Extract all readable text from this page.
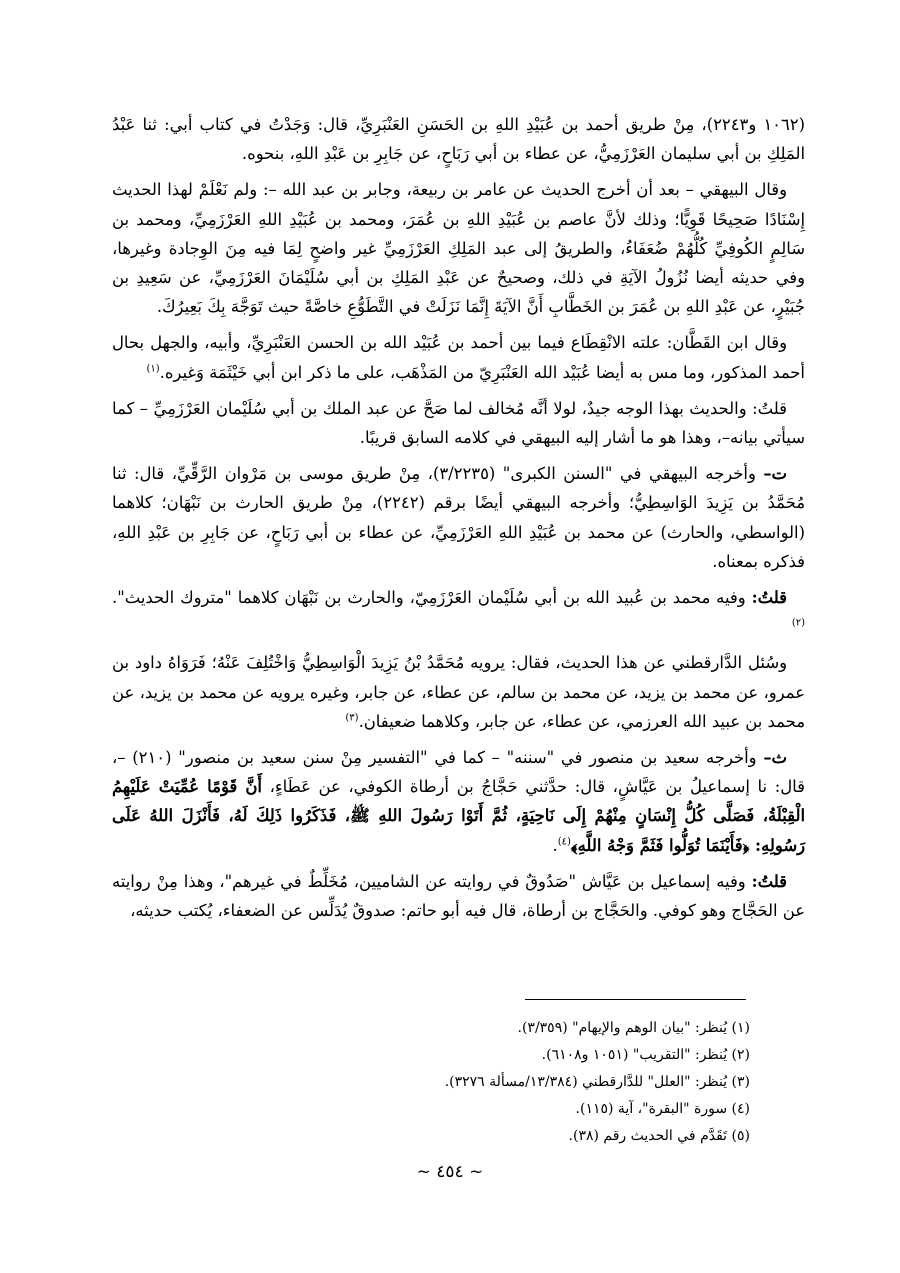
(١٠٦٢ و٢٢٤٣)، مِنْ طريق أحمد بن عُبَيْدِ اللهِ بن الحَسَنِ العَنْبَرِيِّ، قال: وَجَدْتُ في كتاب أبي: ثنا عَبْدُ المَلِكِ بن أبي سليمان العَرْزَمِيُّ، عن عطاء بن أبي رَبَاحٍ، عن جَابِرِ بن عَبْدِ اللهِ، بنحوه.

وقال البيهقي – بعد أن أخرج الحديث عن عامر بن ربيعة، وجابر بن عبد الله –: ولم نَعْلَمْ لهذا الحديث إِسْنَادًا صَحِيحًا قَوِيًّا؛ وذلك لأنَّ عاصم بن عُبَيْدِ اللهِ بن عُمَرَ، ومحمد بن عُبَيْدِ اللهِ العَرْزَمِيِّ، ومحمد بن سَالِمٍ الكُوفِيِّ كُلُّهُمْ ضُعَفَاءُ، والطريقُ إلى عبد المَلِكِ العَرْزَمِيِّ غير واضحٍ لِمَا فيه مِنَ الوِجادة وغيرها، وفي حديثه أيضا نُزُولُ الآيَةِ في ذلك، وصحيحٌ عن عَبْدِ المَلِكِ بن أبي سُلَيْمَانَ العَرْزَمِيِّ، عن سَعِيدِ بن جُبَيْرٍ، عن عَبْدِ اللهِ بن عُمَرَ بن الخَطَّابِ أَنَّ الآيَةَ إِنَّمَا نَزَلَتْ في التَّطَوُّعِ خاصَّةً حيث تَوَجَّهَ بِكَ بَعِيرُكَ.

وقال ابن القَطَّان: علته الانْقِطَاع فيما بين أحمد بن عُبَيْد الله بن الحسن العَنْبَرِيِّ، وأبيه، والجهل بحال أحمد المذكور، وما مس به أيضا عُبَيْد الله العَنْبَرِيّ من المَذْهَب، على ما ذكر ابن أبي خَيْثَمَة وَغيره.$^{(١)}$

قلتُ: والحديث بهذا الوجه جيدٌ، لولا أنَّه مُخالف لما صَحَّ عن عبد الملك بن أبي سُلَيْمان العَرْزَمِيِّ – كما سيأتي بيانه–، وهذا هو ما أشار إليه البيهقي في كلامه السابق قريبًا.

ت– وأخرجه البيهقي في "السنن الكبرى" (٣/٢٢٣٥)، مِنْ طريق موسى بن مَرْوان الرَّقِّيِّ، قال: ثنا مُحَمَّدُ بن يَزِيدَ الوَاسِطِيُّ؛ وأخرجه البيهقي أيضًا برقم (٢٢٤٢)، مِنْ طريق الحارث بن نَبْهَان؛ كلاهما (الواسطي، والحارث) عن محمد بن عُبَيْدِ اللهِ العَرْزَمِيِّ، عن عطاء بن أبي رَبَاحٍ، عن جَابِرِ بن عَبْدِ اللهِ، فذكره بمعناه.

قلتُ: وفيه محمد بن عُبيد الله بن أبي سُلَيْمان العَرْزَمِيّ، والحارث بن نَبْهَان كلاهما "متروك الحديث".$^{(٢)}$

وسُئل الدَّارقطني عن هذا الحديث، فقال: يرويه مُحَمَّدُ بْنُ يَزِيدَ الْوَاسِطِيُّ وَاخْتُلِفَ عَنْهُ؛ فَرَوَاهُ داود بن عمرو، عن محمد بن يزيد، عن محمد بن سالم، عن عطاء، عن جابر، وغيره يرويه عن محمد بن يزيد، عن محمد بن عبيد الله العرزمي، عن عطاء، عن جابر، وكلاهما ضعيفان.$^{(٣)}$

ث– وأخرجه سعيد بن منصور في "سننه" – كما في "التفسير مِنْ سنن سعيد بن منصور" (٢١٠) –، قال: نا إسماعيلُ بن عَيَّاشٍ، قال: حدَّثني حَجَّاجُ بن أرطاة الكوفي، عن عَطَاءٍ، أَنَّ قَوْمًا عُمِّيَتْ عَلَيْهِمُ الْقِبْلَةُ، فَصَلَّى كُلُّ إِنْسَانٍ مِنْهُمْ إِلَى نَاحِيَةٍ، ثُمَّ أَتَوْا رَسُولَ اللهِ ﷺ، فَذَكَرُوا ذَلِكَ لَهُ، فَأَنْزَلَ اللهُ عَلَى رَسُولِهِ: ﴿فَأَيْنَمَا تُوَلُّوا فَثَمَّ وَجْهُ اللَّهِ﴾$^{(٤)}$.

قلتُ: وفيه إسماعيل بن عَيَّاش "صَدُوقٌ في روايته عن الشاميين، مُخَلِّطٌ في غيرهم"، وهذا مِنْ روايته عن الحَجَّاج وهو كوفي. والحَجَّاج بن أرطاة، قال فيه أبو حاتم: صدوقٌ يُدَلِّس عن الضعفاء، يُكتب حديثه،

(١) يُنظر: "بيان الوهم والإيهام" (٣/٣٥٩).
(٢) يُنظر: "التقريب" (١٠٥١ و٦١٠٨).
(٣) يُنظر: "العلل" للدَّارقطني (١٣/٣٨٤/مسألة ٣٢٧٦).
(٤) سورة "البقرة"، آية (١١٥).
(٥) تَقَدَّم في الحديث رقم (٣٨).
~ ٤٥٤ ~
